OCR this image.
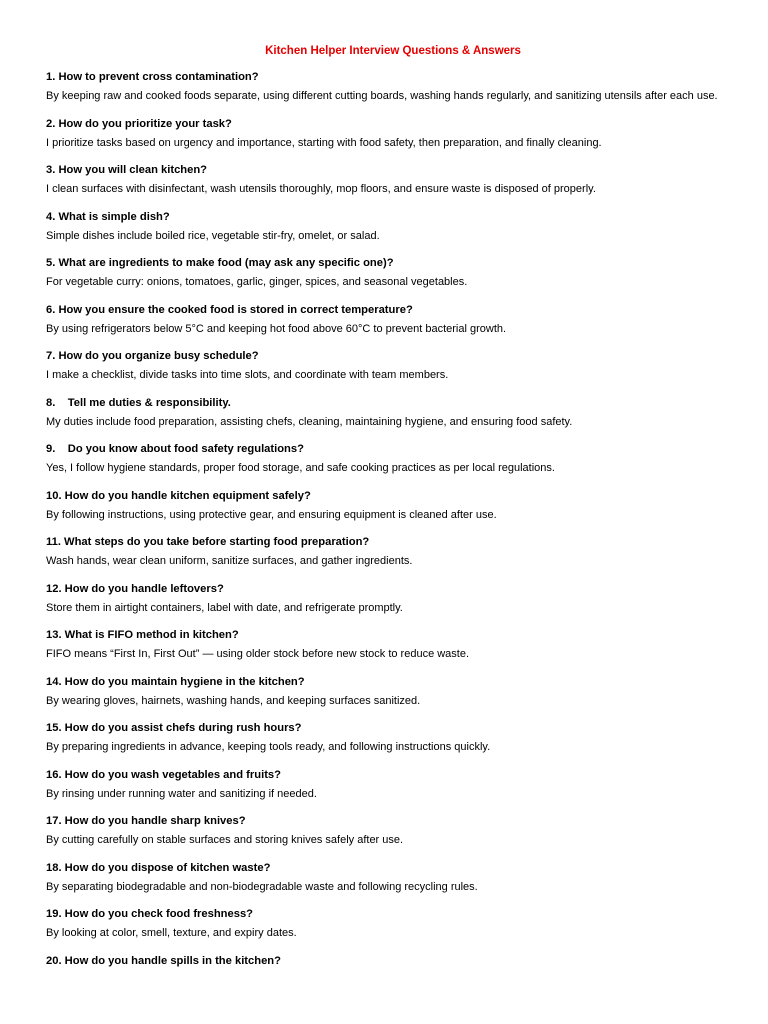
Kitchen Helper Interview Questions & Answers
1. How to prevent cross contamination?
By keeping raw and cooked foods separate, using different cutting boards, washing hands regularly, and sanitizing utensils after each use.
2. How do you prioritize your task?
I prioritize tasks based on urgency and importance, starting with food safety, then preparation, and finally cleaning.
3. How you will clean kitchen?
I clean surfaces with disinfectant, wash utensils thoroughly, mop floors, and ensure waste is disposed of properly.
4. What is simple dish?
Simple dishes include boiled rice, vegetable stir-fry, omelet, or salad.
5. What are ingredients to make food (may ask any specific one)?
For vegetable curry: onions, tomatoes, garlic, ginger, spices, and seasonal vegetables.
6. How you ensure the cooked food is stored in correct temperature?
By using refrigerators below 5°C and keeping hot food above 60°C to prevent bacterial growth.
7. How do you organize busy schedule?
I make a checklist, divide tasks into time slots, and coordinate with team members.
8.    Tell me duties & responsibility.
My duties include food preparation, assisting chefs, cleaning, maintaining hygiene, and ensuring food safety.
9.    Do you know about food safety regulations?
Yes, I follow hygiene standards, proper food storage, and safe cooking practices as per local regulations.
10. How do you handle kitchen equipment safely?
By following instructions, using protective gear, and ensuring equipment is cleaned after use.
11. What steps do you take before starting food preparation?
Wash hands, wear clean uniform, sanitize surfaces, and gather ingredients.
12. How do you handle leftovers?
Store them in airtight containers, label with date, and refrigerate promptly.
13. What is FIFO method in kitchen?
FIFO means “First In, First Out” — using older stock before new stock to reduce waste.
14. How do you maintain hygiene in the kitchen?
By wearing gloves, hairnets, washing hands, and keeping surfaces sanitized.
15. How do you assist chefs during rush hours?
By preparing ingredients in advance, keeping tools ready, and following instructions quickly.
16. How do you wash vegetables and fruits?
By rinsing under running water and sanitizing if needed.
17. How do you handle sharp knives?
By cutting carefully on stable surfaces and storing knives safely after use.
18. How do you dispose of kitchen waste?
By separating biodegradable and non-biodegradable waste and following recycling rules.
19. How do you check food freshness?
By looking at color, smell, texture, and expiry dates.
20. How do you handle spills in the kitchen?
